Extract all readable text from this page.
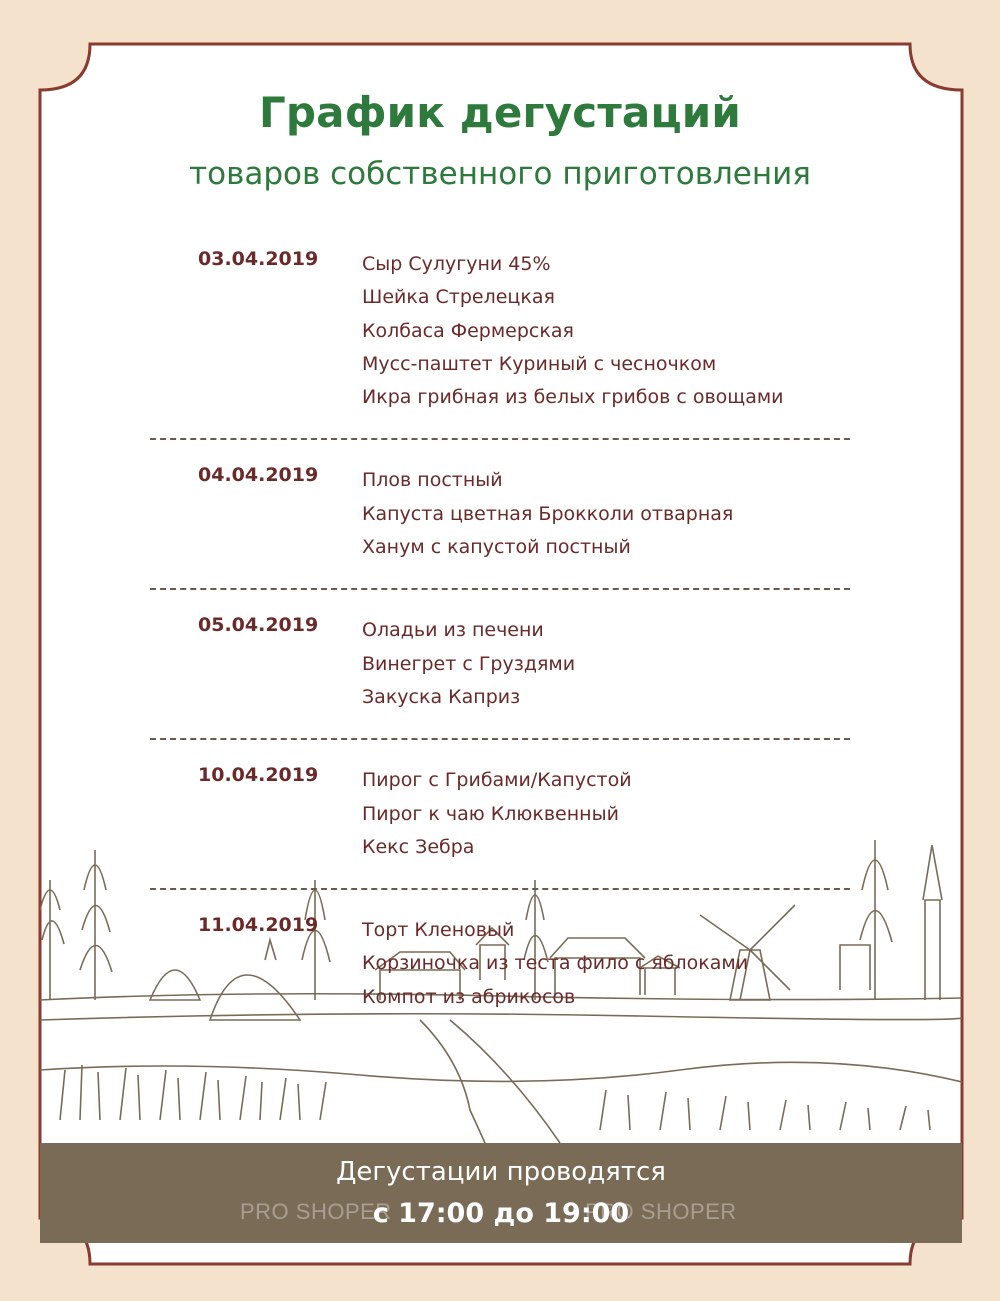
График дегустаций
товаров собственного приготовления
03.04.2019 Сыр Сулугуни 45%
Шейка Стрелецкая
Колбаса Фермерская
Мусс-паштет Куриный с чесночком
Икра грибная из белых грибов с овощами
04.04.2019 Плов постный
Капуста цветная Брокколи отварная
Ханум с капустой постный
05.04.2019 Оладьи из печени
Винегрет с Груздями
Закуска Каприз
10.04.2019 Пирог с Грибами/Капустой
Пирог к чаю Клюквенный
Кекс Зебра
11.04.2019 Торт Кленовый
Корзиночка из теста фило с яблоками
Компот из абрикосов
Дегустации проводятся
с 17:00 до 19:00
PRO SHOPER	PRO SHOPER
